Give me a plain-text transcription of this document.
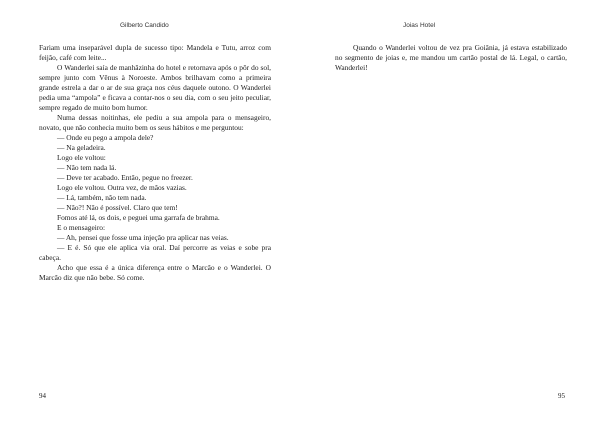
Gilberto Candido

Fariam uma inseparável dupla de sucesso tipo: Mandela e Tutu, arroz com feijão, café com leite...

O Wanderlei saía de manhãzinha do hotel e retornava após o pôr do sol, sempre junto com Vênus à Noroeste. Ambos brilhavam como a primeira grande estrela a dar o ar de sua graça nos céus daquele outono. O Wanderlei pedia uma “ampola” e ficava a contar-nos o seu dia, com o seu jeito peculiar, sempre regado de muito bom humor.

Numa dessas noitinhas, ele pediu a sua ampola para o mensageiro, novato, que não conhecia muito bem os seus hábitos e me perguntou:

— Onde eu pego a ampola dele?

— Na geladeira.

Logo ele voltou:

— Não tem nada lá.

— Deve ter acabado. Então, pegue no freezer.

Logo ele voltou. Outra vez, de mãos vazias.

— Lá, também, não tem nada.

— Não?! Não é possível. Claro que tem!

Fomos até lá, os dois, e peguei uma garrafa de brahma.

E o mensageiro:

— Ah, pensei que fosse uma injeção pra aplicar nas veias.

— E é. Só que ele aplica via oral. Daí percorre as veias e sobe pra cabeça.

Acho que essa é a única diferença entre o Marcão e o Wanderlei. O Marcão diz que não bebe. Só come.

94
Joias Hotel

Quando o Wanderlei voltou de vez pra Goiânia, já estava estabilizado no segmento de joias e, me mandou um cartão postal de lá. Legal, o cartão, Wanderlei!

95
